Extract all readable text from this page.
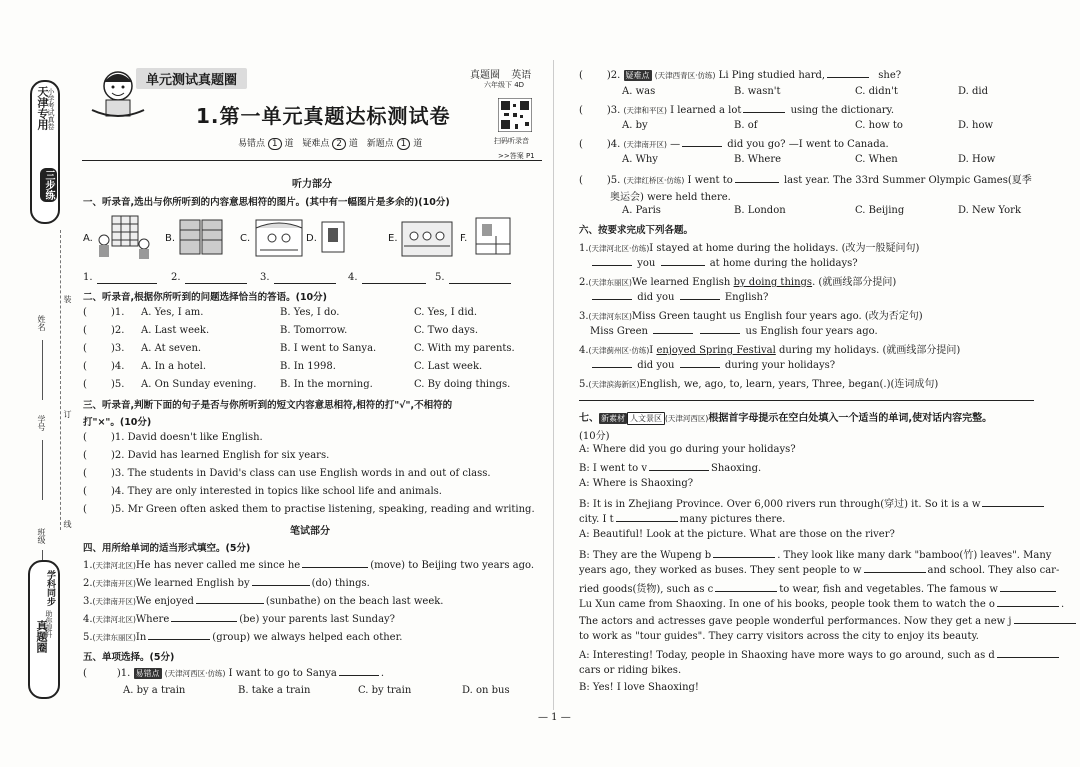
天津专用
小学考试真卷
三步练
装
订
线
姓名
学号
班级
真题圈
学科同步
助你提升
单元测试真题圈	真题圈 英语
六年级下 4D
1.第一单元真题达标测试卷
易错点 1 道 疑难点 2 道 新题点 1 道	扫码听录音
>>答案 P1
听力部分
一、听录音,选出与你所听到的内容意思相符的图片。(其中有一幅图片是多余的)(10分)
A.	B.	C.	D.	E.	F.
1.	2.	3.	4.	5.
二、听录音,根据你所听到的问题选择恰当的答语。(10分)
( )1. A. Yes, I am.	B. Yes, I do.	C. Yes, I did.
( )2. A. Last week.	B. Tomorrow.	C. Two days.
( )3. A. At seven.	B. I went to Sanya.	C. With my parents.
( )4. A. In a hotel.	B. In 1998.	C. Last week.
( )5. A. On Sunday evening. B. In the morning.	C. By doing things.
三、听录音,判断下面的句子是否与你所听到的短文内容意思相符,相符的打"√",不相符的
打"×"。(10分)
( )1. David doesn't like English.
( )2. David has learned English for six years.
( )3. The students in David's class can use English words in and out of class.
( )4. They are only interested in topics like school life and animals.
( )5. Mr Green often asked them to practise listening, speaking, reading and writing.
笔试部分
四、用所给单词的适当形式填空。(5分)
1.(天津河北区)He has never called me since he	(move) to Beijing two years ago.
2.(天津南开区)We learned English by	(do) things.
3.(天津南开区)We enjoyed	(sunbathe) on the beach last week.
4.(天津河北区)Where	(be) your parents last Sunday?
5.(天津东丽区)In	(group) we always helped each other.
五、单项选择。(5分)
(	)1. 易错点 (天津河西区·仿练) I want to go to Sanya	.
A. by a train	B. take a train	C. by train	D. on bus
( )2. 疑难点 (天津西青区·仿练) Li Ping studied hard,	she?
A. was	B. wasn't	C. didn't	D. did
( )3. (天津和平区) I learned a lot	using the dictionary.
A. by	B. of	C. how to	D. how
( )4. (天津南开区) —	did you go? —I went to Canada.
A. Why	B. Where	C. When	D. How
( )5. (天津红桥区·仿练) I went to	last year. The 33rd Summer Olympic Games(夏季
奥运会) were held there.
A. Paris	B. London	C. Beijing	D. New York
六、按要求完成下列各题。
1.(天津河北区·仿练)I stayed at home during the holidays. (改为一般疑问句)
you	at home during the holidays?
2.(天津东丽区)We learned English by doing things. (就画线部分提问)
did you	English?
3.(天津河东区)Miss Green taught us English four years ago. (改为否定句)
Miss Green	us English four years ago.
4.(天津蓟州区·仿练)I enjoyed Spring Festival during my holidays. (就画线部分提问)
did you	during your holidays?
5.(天津滨海新区)English, we, ago, to, learn, years, Three, began(.)(连词成句)
七、 新素材 人文景区 (天津河西区)根据首字母提示在空白处填入一个适当的单词,使对话内容完整。
(10分)
A: Where did you go during your holidays?
B: I went to v	Shaoxing.
A: Where is Shaoxing?
B: It is in Zhejiang Province. Over 6,000 rivers run through(穿过) it. So it is a w
city. I t	many pictures there.
A: Beautiful! Look at the picture. What are those on the river?
B: They are the Wupeng b	. They look like many dark "bamboo(竹) leaves". Many
years ago, they worked as buses. They sent people to w	and school. They also car-
ried goods(货物), such as c	to wear, fish and vegetables. The famous w
Lu Xun came from Shaoxing. In one of his books, people took them to watch the o	.
The actors and actresses gave people wonderful performances. Now they get a new j
to work as "tour guides". They carry visitors across the city to enjoy its beauty.
A: Interesting! Today, people in Shaoxing have more ways to go around, such as d
cars or riding bikes.
B: Yes! I love Shaoxing!
— 1 —
